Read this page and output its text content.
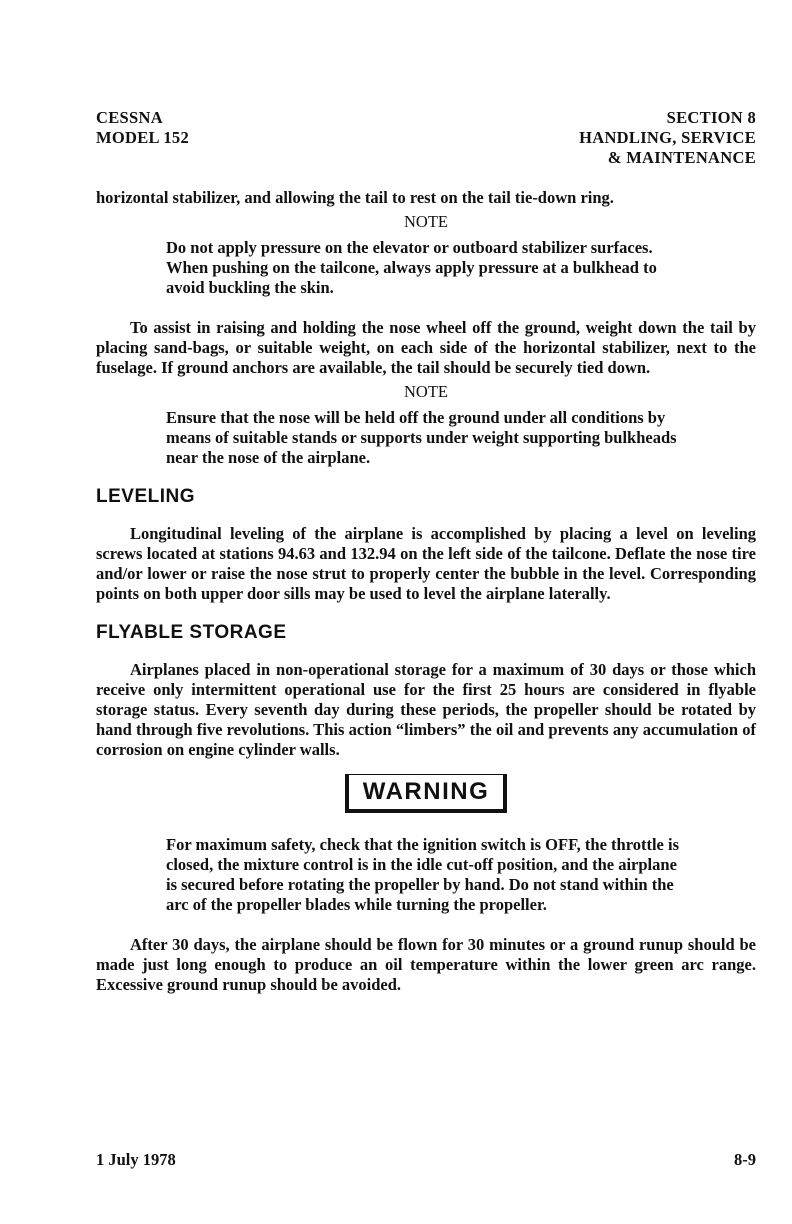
CESSNA
MODEL 152
SECTION 8
HANDLING, SERVICE
& MAINTENANCE

horizontal stabilizer, and allowing the tail to rest on the tail tie-down ring.

NOTE

Do not apply pressure on the elevator or outboard stabilizer surfaces. When pushing on the tailcone, always apply pressure at a bulkhead to avoid buckling the skin.

To assist in raising and holding the nose wheel off the ground, weight down the tail by placing sand-bags, or suitable weight, on each side of the horizontal stabilizer, next to the fuselage. If ground anchors are available, the tail should be securely tied down.

NOTE

Ensure that the nose will be held off the ground under all conditions by means of suitable stands or supports under weight supporting bulkheads near the nose of the airplane.

LEVELING

Longitudinal leveling of the airplane is accomplished by placing a level on leveling screws located at stations 94.63 and 132.94 on the left side of the tailcone. Deflate the nose tire and/or lower or raise the nose strut to properly center the bubble in the level. Corresponding points on both upper door sills may be used to level the airplane laterally.

FLYABLE STORAGE

Airplanes placed in non-operational storage for a maximum of 30 days or those which receive only intermittent operational use for the first 25 hours are considered in flyable storage status. Every seventh day during these periods, the propeller should be rotated by hand through five revolutions. This action “limbers” the oil and prevents any accumulation of corrosion on engine cylinder walls.

WARNING

For maximum safety, check that the ignition switch is OFF, the throttle is closed, the mixture control is in the idle cut-off position, and the airplane is secured before rotating the propeller by hand. Do not stand within the arc of the propeller blades while turning the propeller.

After 30 days, the airplane should be flown for 30 minutes or a ground runup should be made just long enough to produce an oil temperature within the lower green arc range. Excessive ground runup should be avoided.

1 July 1978	8-9
